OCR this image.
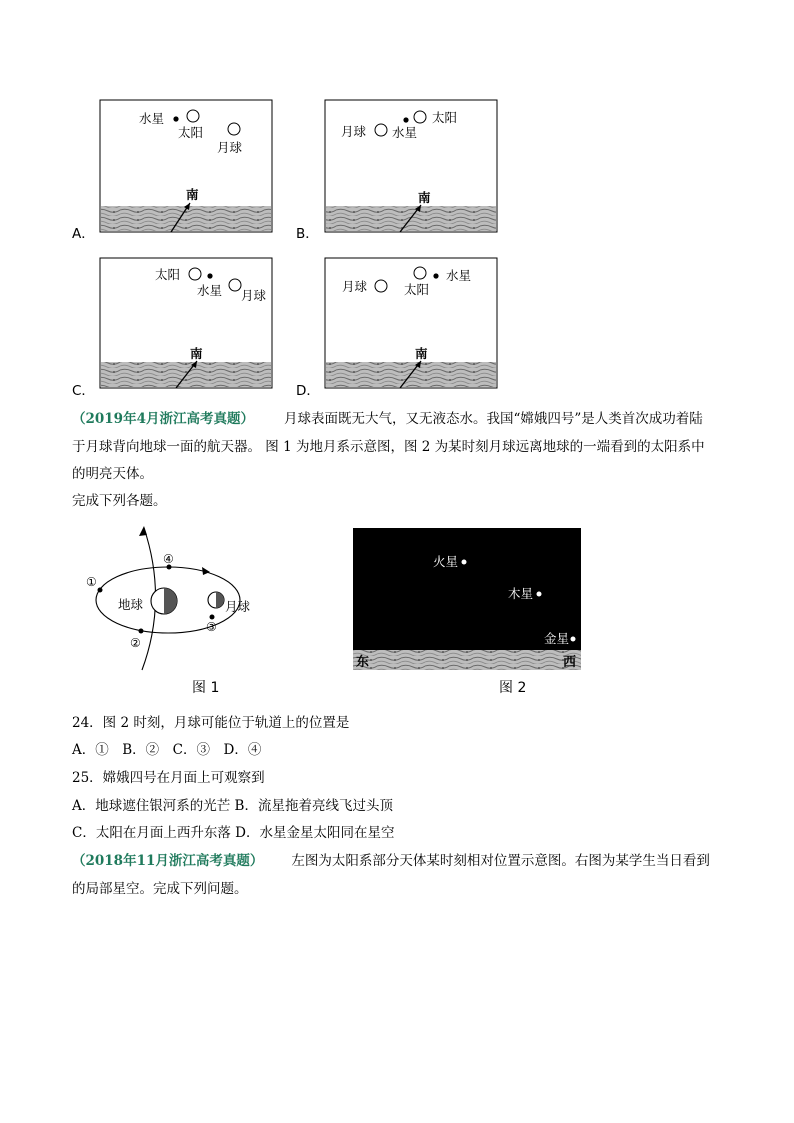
水星
太阳
月球
南
A．
太阳
月球 水星
南
B．
太阳
水星 月球
南
C．
月球
水星
太阳
南
D．
（2019年4月浙江高考真题） 月球表面既无大气，又无液态水。我国“嫦娥四号”是人类首次成功着陆
于月球背向地球一面的航天器。 图 1 为地月系示意图，图 2 为某时刻月球远离地球的一端看到的太阳系中
的明亮天体。
完成下列各题。
地球	月球
①
②
③
④
图 1
火星
木星
金星
东	西
图 2
24．图 2 时刻，月球可能位于轨道上的位置是
A．①　B．②　C．③　D．④
25．嫦娥四号在月面上可观察到
A．地球遮住银河系的光芒 B．流星拖着亮线飞过头顶
C．太阳在月面上西升东落 D．水星金星太阳同在星空
（2018年11月浙江高考真题） 左图为太阳系部分天体某时刻相对位置示意图。右图为某学生当日看到
的局部星空。完成下列问题。
